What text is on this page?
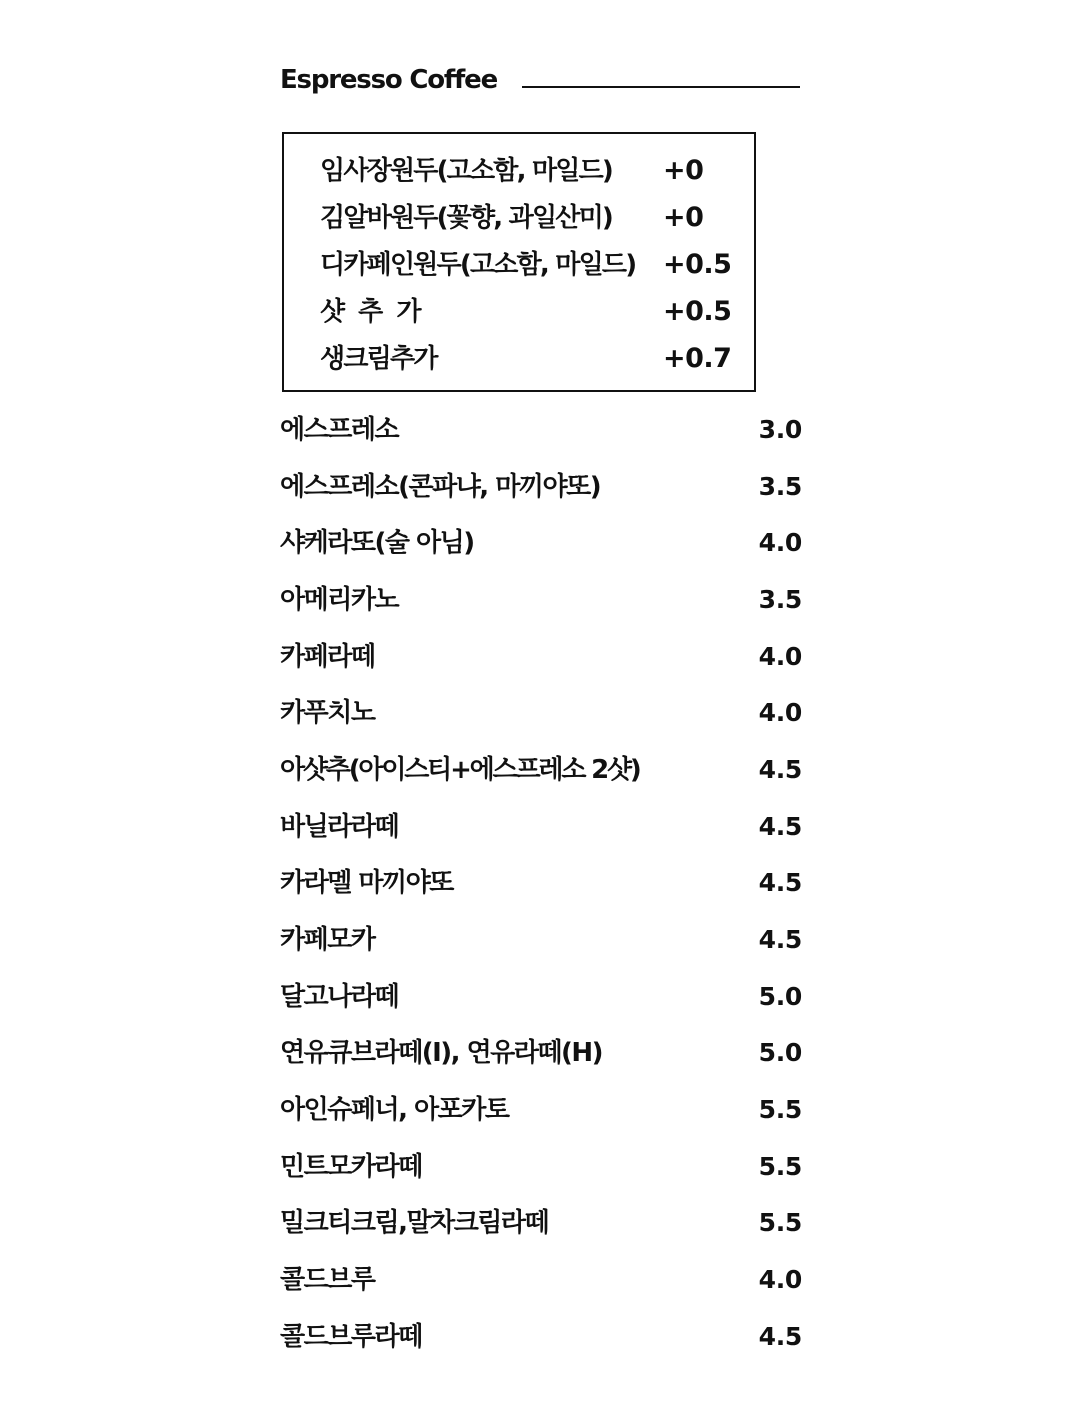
Espresso Coffee
임사장원두(고소함, 마일드) +0
김알바원두(꽃향, 과일산미) +0
디카페인원두(고소함, 마일드) +0.5
샷 추 가	+0.5
생크림추가	+0.7
에스프레소	3.0
에스프레소(콘파냐, 마끼야또)	3.5
샤케라또(술 아님)	4.0
아메리카노	3.5
카페라떼	4.0
카푸치노	4.0
아샷추(아이스티+에스프레소 2샷)	4.5
바닐라라떼	4.5
카라멜 마끼야또	4.5
카페모카	4.5
달고나라떼	5.0
연유큐브라떼(I), 연유라떼(H)	5.0
아인슈페너, 아포카토	5.5
민트모카라떼	5.5
밀크티크림,말차크림라떼	5.5
콜드브루	4.0
콜드브루라떼	4.5
